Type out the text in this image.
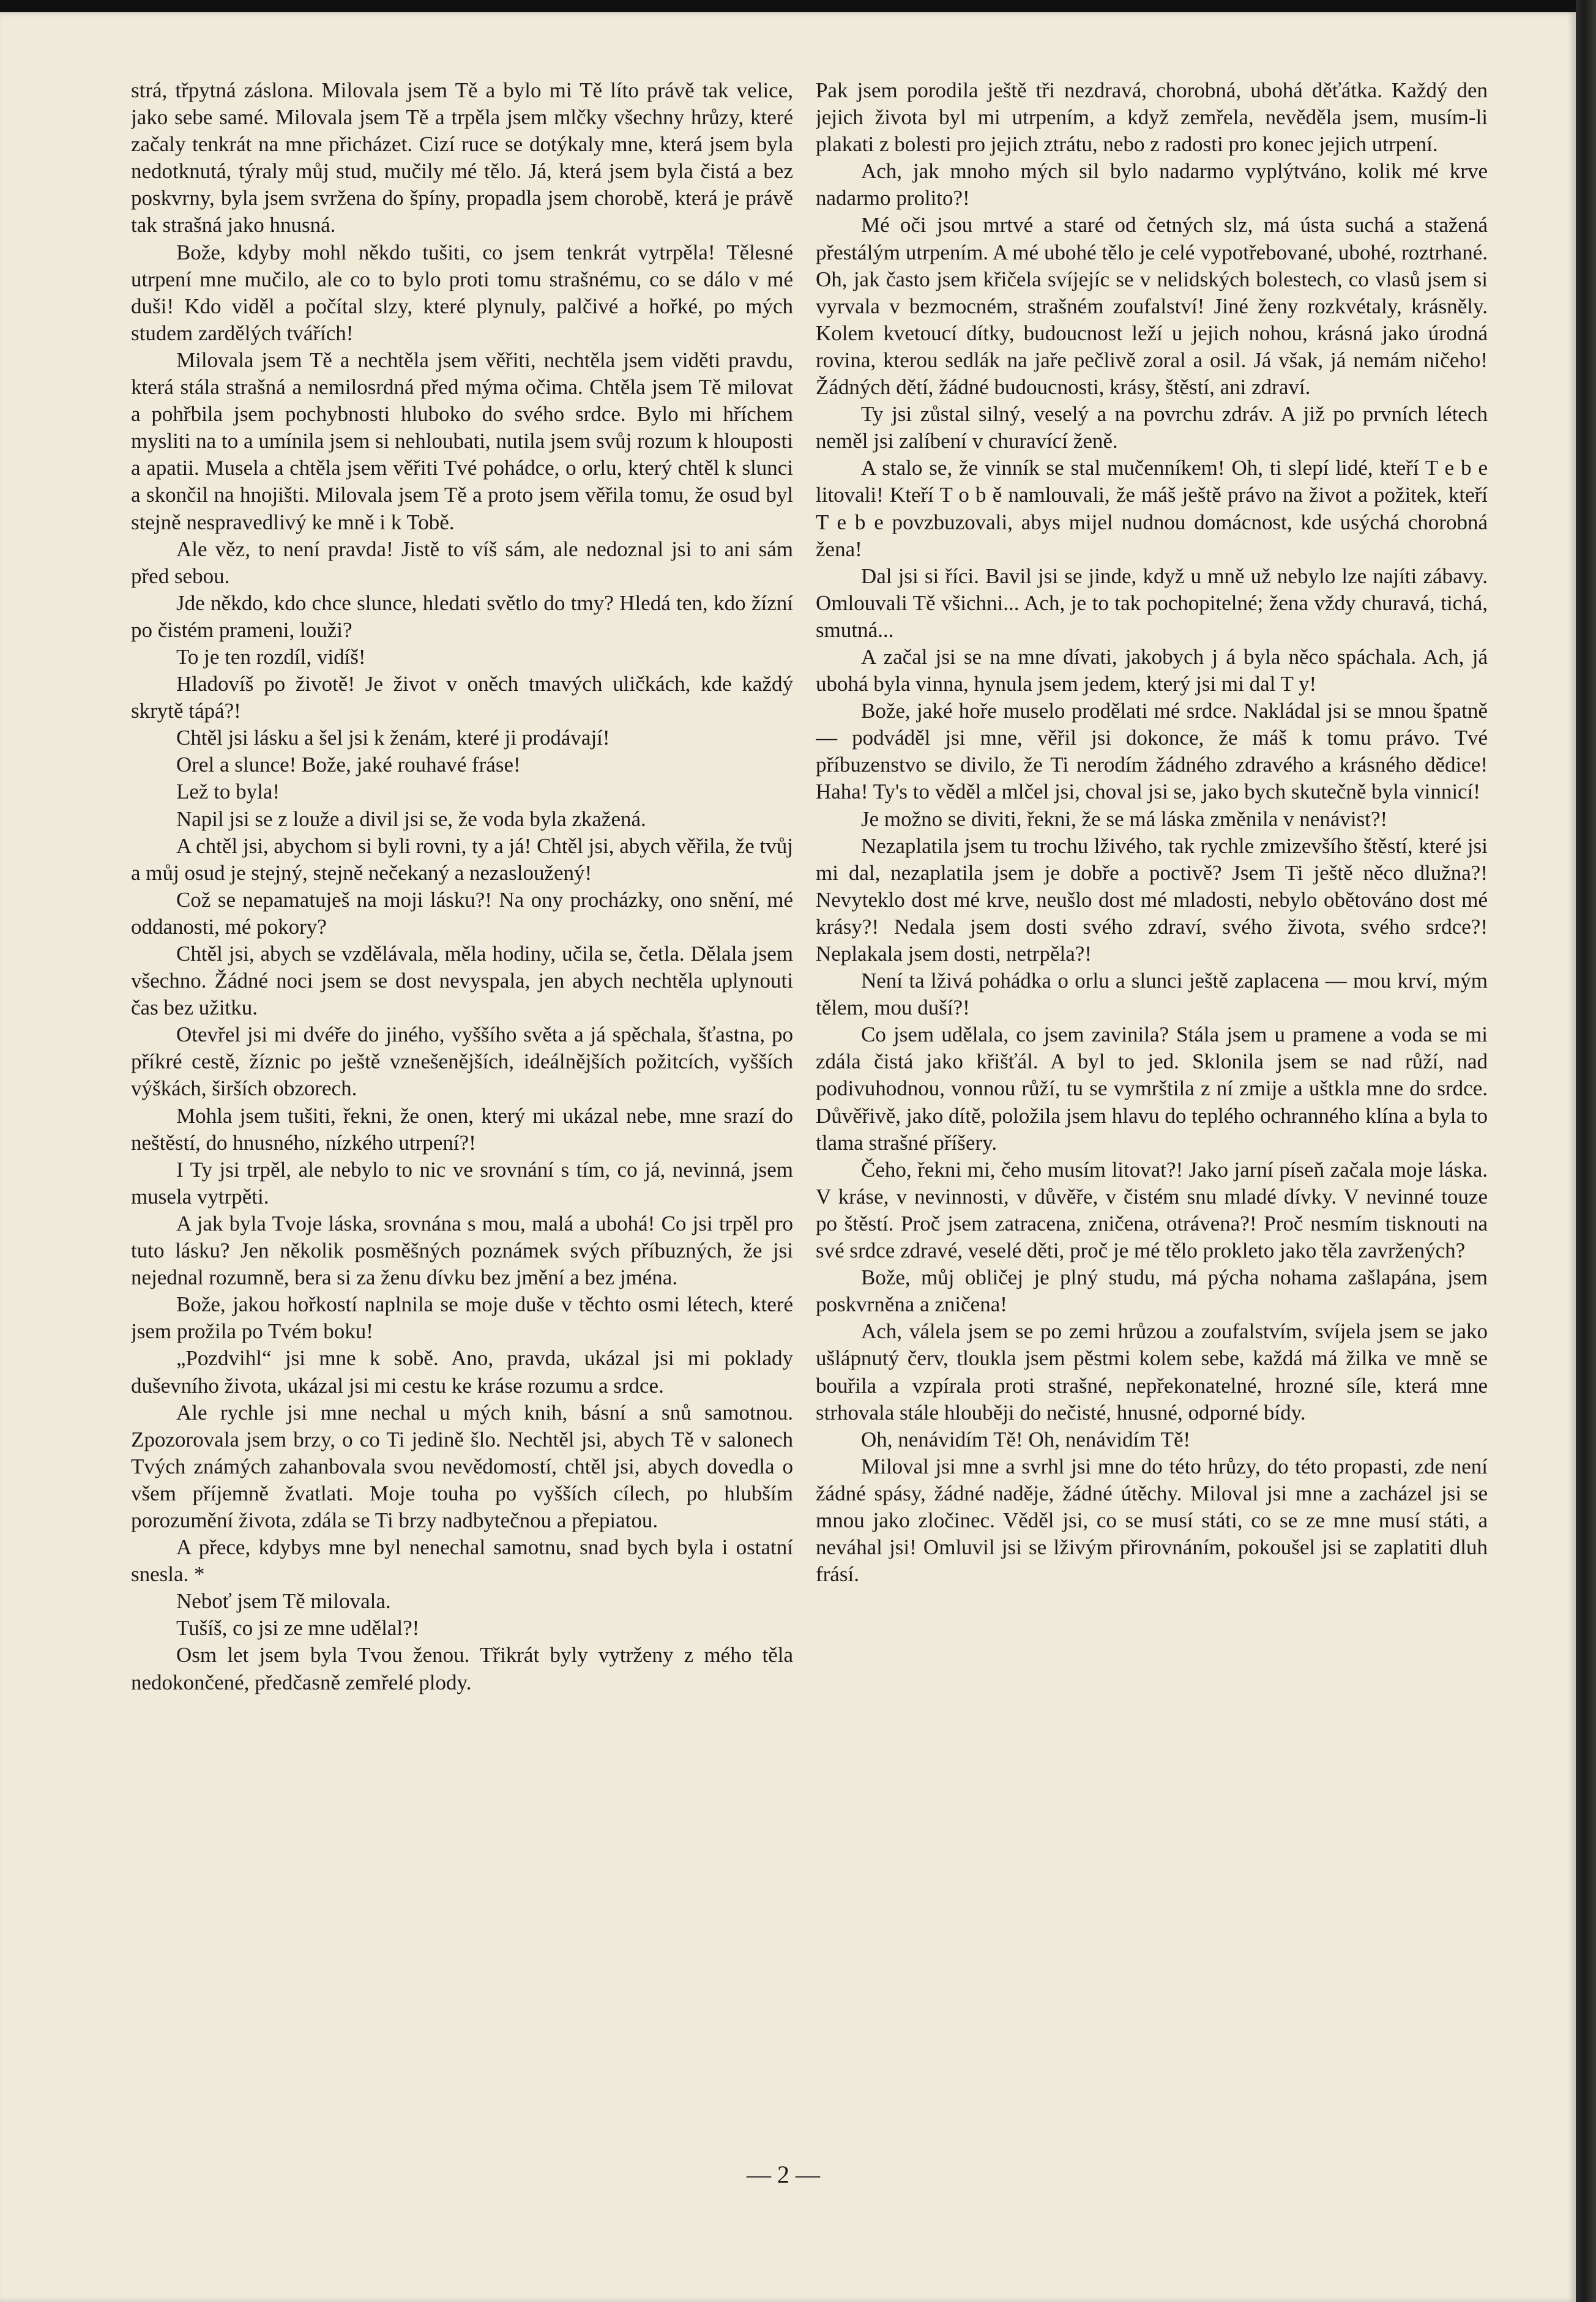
strá, třpytná záslona. Milovala jsem Tě a bylo mi Tě líto právě tak velice, jako sebe samé. Milovala jsem Tě a trpěla jsem mlčky všechny hrůzy, které začaly tenkrát na mne přicházet. Cizí ruce se dotýkaly mne, která jsem byla nedotknutá, týraly můj stud, mučily mé tělo. Já, která jsem byla čistá a bez poskvrny, byla jsem svržena do špíny, propadla jsem chorobě, která je právě tak strašná jako hnusná.

Bože, kdyby mohl někdo tušiti, co jsem tenkrát vytrpěla! Tělesné utrpení mne mučilo, ale co to bylo proti tomu strašnému, co se dálo v mé duši! Kdo viděl a počítal slzy, které plynuly, palčivé a hořké, po mých studem zardělých tvářích!

Milovala jsem Tě a nechtěla jsem věřiti, nechtěla jsem viděti pravdu, která stála strašná a nemilosrdná před mýma očima. Chtěla jsem Tě milovat a pohřbila jsem pochybnosti hluboko do svého srdce. Bylo mi hříchem mysliti na to a umínila jsem si nehloubati, nutila jsem svůj rozum k hlouposti a apatii. Musela a chtěla jsem věřiti Tvé pohádce, o orlu, který chtěl k slunci a skončil na hnojišti. Milovala jsem Tě a proto jsem věřila tomu, že osud byl stejně nespravedlivý ke mně i k Tobě.

Ale věz, to není pravda! Jistě to víš sám, ale nedoznal jsi to ani sám před sebou.

Jde někdo, kdo chce slunce, hledati světlo do tmy? Hledá ten, kdo žízní po čistém prameni, louži?

To je ten rozdíl, vidíš!

Hladovíš po životě! Je život v oněch tmavých uličkách, kde každý skrytě tápá?!

Chtěl jsi lásku a šel jsi k ženám, které ji prodávají!

Orel a slunce! Bože, jaké rouhavé fráse!

Lež to byla!

Napil jsi se z louže a divil jsi se, že voda byla zkažená.

A chtěl jsi, abychom si byli rovni, ty a já! Chtěl jsi, abych věřila, že tvůj a můj osud je stejný, stejně nečekaný a nezasloužený!

Což se nepamatuješ na moji lásku?! Na ony procházky, ono snění, mé oddanosti, mé pokory?

Chtěl jsi, abych se vzdělávala, měla hodiny, učila se, četla. Dělala jsem všechno. Žádné noci jsem se dost nevyspala, jen abych nechtěla uplynouti čas bez užitku.

Otevřel jsi mi dvéře do jiného, vyššího světa a já spěchala, šťastna, po příkré cestě, žíznic po ještě vznešenějších, ideálnějších požitcích, vyšších výškách, širších obzorech.

Mohla jsem tušiti, řekni, že onen, který mi ukázal nebe, mne srazí do neštěstí, do hnusného, nízkého utrpení?!

I Ty jsi trpěl, ale nebylo to nic ve srovnání s tím, co já, nevinná, jsem musela vytrpěti.

A jak byla Tvoje láska, srovnána s mou, malá a ubohá! Co jsi trpěl pro tuto lásku? Jen několik posměšných poznámek svých příbuzných, že jsi nejednal rozumně, bera si za ženu dívku bez jmění a bez jména.

Bože, jakou hořkostí naplnila se moje duše v těchto osmi létech, které jsem prožila po Tvém boku!

„Pozdvihl“ jsi mne k sobě. Ano, pravda, ukázal jsi mi poklady duševního života, ukázal jsi mi cestu ke kráse rozumu a srdce.

Ale rychle jsi mne nechal u mých knih, básní a snů samotnou. Zpozorovala jsem brzy, o co Ti jedině šlo. Nechtěl jsi, abych Tě v salonech Tvých známých zahanbovala svou nevědomostí, chtěl jsi, abych dovedla o všem příjemně žvatlati. Moje touha po vyšších cílech, po hlubším porozumění života, zdála se Ti brzy nadbytečnou a přepiatou.

A přece, kdybys mne byl nenechal samotnu, snad bych byla i ostatní snesla. *

Neboť jsem Tě milovala.

Tušíš, co jsi ze mne udělal?!

Osm let jsem byla Tvou ženou. Třikrát byly vytrženy z mého těla nedokončené, předčasně zemřelé plody.

Pak jsem porodila ještě tři nezdravá, chorobná, ubohá děťátka. Každý den jejich života byl mi utrpením, a když zemřela, nevěděla jsem, musím-li plakati z bolesti pro jejich ztrátu, nebo z radosti pro konec jejich utrpení.

Ach, jak mnoho mých sil bylo nadarmo vyplýtváno, kolik mé krve nadarmo prolito?!

Mé oči jsou mrtvé a staré od četných slz, má ústa suchá a stažená přestálým utrpením. A mé ubohé tělo je celé vypotřebované, ubohé, roztrhané. Oh, jak často jsem křičela svíjejíc se v nelidských bolestech, co vlasů jsem si vyrvala v bezmocném, strašném zoufalství! Jiné ženy rozkvétaly, krásněly. Kolem kvetoucí dítky, budoucnost leží u jejich nohou, krásná jako úrodná rovina, kterou sedlák na jaře pečlivě zoral a osil. Já však, já nemám ničeho! Žádných dětí, žádné budoucnosti, krásy, štěstí, ani zdraví.

Ty jsi zůstal silný, veselý a na povrchu zdráv. A již po prvních létech neměl jsi zalíbení v churavící ženě.

A stalo se, že vinník se stal mučenníkem! Oh, ti slepí lidé, kteří T e b e litovali! Kteří T o b ě namlouvali, že máš ještě právo na život a požitek, kteří T e b e povzbuzovali, abys mijel nudnou domácnost, kde usýchá chorobná žena!

Dal jsi si říci. Bavil jsi se jinde, když u mně už nebylo lze najíti zábavy. Omlouvali Tě všichni... Ach, je to tak pochopitelné; žena vždy churavá, tichá, smutná...

A začal jsi se na mne dívati, jakobych j á byla něco spáchala. Ach, já ubohá byla vinna, hynula jsem jedem, který jsi mi dal T y!

Bože, jaké hoře muselo prodělati mé srdce. Nakládal jsi se mnou špatně — podváděl jsi mne, věřil jsi dokonce, že máš k tomu právo. Tvé příbuzenstvo se divilo, že Ti nerodím žádného zdravého a krásného dědice! Haha! Ty's to věděl a mlčel jsi, choval jsi se, jako bych skutečně byla vinnicí!

Je možno se diviti, řekni, že se má láska změnila v nenávist?!

Nezaplatila jsem tu trochu lživého, tak rychle zmizevšího štěstí, které jsi mi dal, nezaplatila jsem je dobře a poctivě? Jsem Ti ještě něco dlužna?! Nevyteklo dost mé krve, neušlo dost mé mladosti, nebylo obětováno dost mé krásy?! Nedala jsem dosti svého zdraví, svého života, svého srdce?! Neplakala jsem dosti, netrpěla?!

Není ta lživá pohádka o orlu a slunci ještě zaplacena — mou krví, mým tělem, mou duší?!

Co jsem udělala, co jsem zavinila? Stála jsem u pramene a voda se mi zdála čistá jako křišťál. A byl to jed. Sklonila jsem se nad růží, nad podivuhodnou, vonnou růží, tu se vymrštila z ní zmije a uštkla mne do srdce. Důvěřivě, jako dítě, položila jsem hlavu do teplého ochranného klína a byla to tlama strašné příšery.

Čeho, řekni mi, čeho musím litovat?! Jako jarní píseň začala moje láska. V kráse, v nevinnosti, v důvěře, v čistém snu mladé dívky. V nevinné touze po štěstí. Proč jsem zatracena, zničena, otrávena?! Proč nesmím tisknouti na své srdce zdravé, veselé děti, proč je mé tělo prokleto jako těla zavržených?

Bože, můj obličej je plný studu, má pýcha nohama zašlapána, jsem poskvrněna a zničena!

Ach, válela jsem se po zemi hrůzou a zoufalstvím, svíjela jsem se jako ušlápnutý červ, tloukla jsem pěstmi kolem sebe, každá má žilka ve mně se bouřila a vzpírala proti strašné, nepřekonatelné, hrozné síle, která mne strhovala stále hlouběji do nečisté, hnusné, odporné bídy.

Oh, nenávidím Tě! Oh, nenávidím Tě!

Miloval jsi mne a svrhl jsi mne do této hrůzy, do této propasti, zde není žádné spásy, žádné naděje, žádné útěchy. Miloval jsi mne a zacházel jsi se mnou jako zločinec. Věděl jsi, co se musí státi, co se ze mne musí státi, a neváhal jsi! Omluvil jsi se lživým přirovnáním, pokoušel jsi se zaplatiti dluh frásí.

— 2 —
